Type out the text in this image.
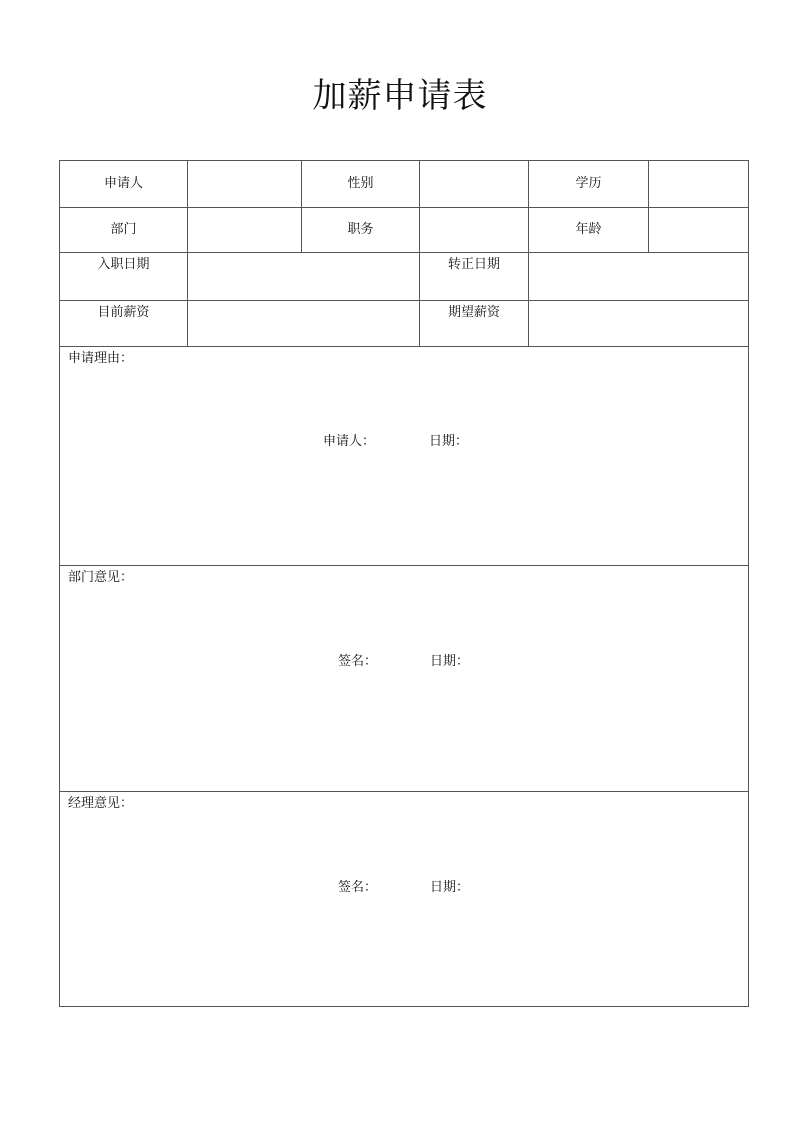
加薪申请表
申请人	性别	学历
部门	职务	年龄
入职日期	转正日期
目前薪资	期望薪资
申请理由：
申请人：	日期：
部门意见：
签名：	日期：
经理意见：
签名：	日期：
